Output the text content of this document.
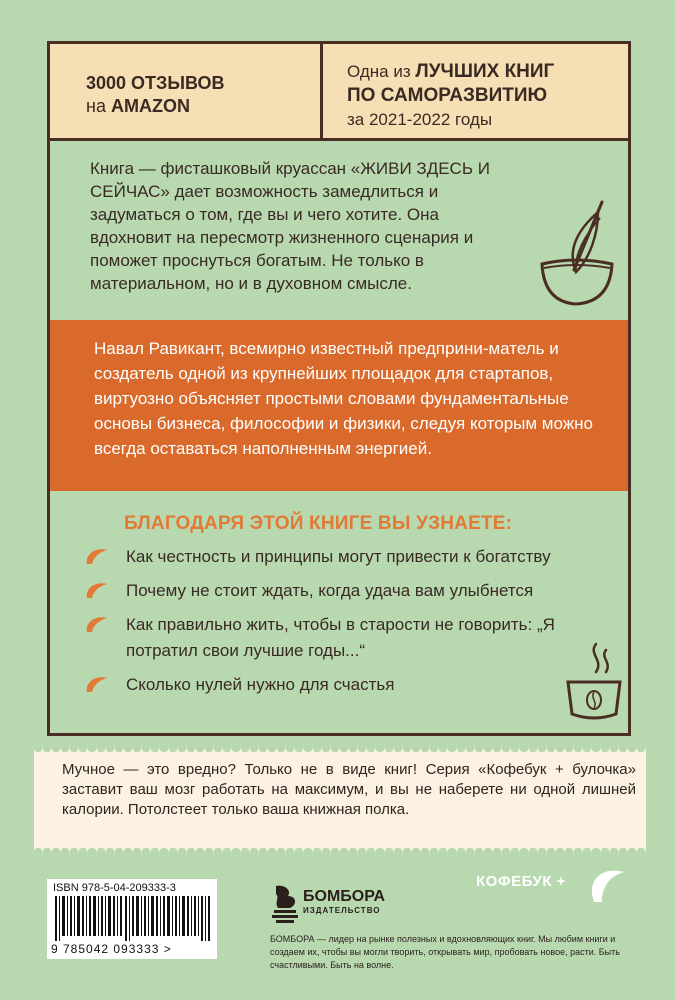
3000 ОТЗЫВОВ
на AMAZON
Одна из ЛУЧШИХ КНИГ
ПО САМОРАЗВИТИЮ
за 2021-2022 годы

Книга — фисташковый круассан «ЖИВИ ЗДЕСЬ И СЕЙЧАС» дает возможность замедлиться и задуматься о том, где вы и чего хотите. Она вдохновит на пересмотр жизненного сценария и поможет проснуться богатым. Не только в материальном, но и в духовном смысле.

Навал Равикант, всемирно известный предприни-матель и создатель одной из крупнейших площадок для стартапов, виртуозно объясняет простыми словами фундаментальные основы бизнеса, философии и физики, следуя которым можно всегда оставаться наполненным энергией.

БЛАГОДАРЯ ЭТОЙ КНИГЕ ВЫ УЗНАЕТЕ:
Как честность и принципы могут привести к богатству
Почему не стоит ждать, когда удача вам улыбнется
Как правильно жить, чтобы в старости не говорить: „Я потратил свои лучшие годы...“
Сколько нулей нужно для счастья

Мучное — это вредно? Только не в виде книг! Серия «Кофебук + булочка» заставит ваш мозг работать на максимум, и вы не наберете ни одной лишней калории. Потолстеет только ваша книжная полка.

КОФЕБУК +
ISBN 978-5-04-209333-3
9 785042 093333 >
БОМБОРА
ИЗДАТЕЛЬСТВО

БОМБОРА — лидер на рынке полезных и вдохновляющих книг. Мы любим книги и создаем их, чтобы вы могли творить, открывать мир, пробовать новое, расти. Быть счастливыми. Быть на волне.
